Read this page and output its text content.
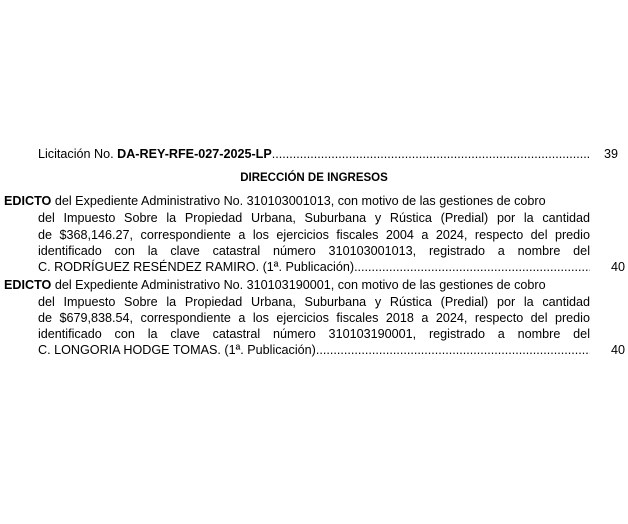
Licitación No. DA-REY-RFE-027-2025-LP .....	39
DIRECCIÓN DE INGRESOS
EDICTO del Expediente Administrativo No. 310103001013, con motivo de las gestiones de cobro
del Impuesto Sobre la Propiedad Urbana, Suburbana y Rústica (Predial) por la cantidad
de $368,146.27, correspondiente a los ejercicios fiscales 2004 a 2024, respecto del predio
identificado con la clave catastral número 310103001013, registrado a nombre del
C. RODRÍGUEZ RESÉNDEZ RAMIRO. (1ª. Publicación) .....	40
EDICTO del Expediente Administrativo No. 310103190001, con motivo de las gestiones de cobro
del Impuesto Sobre la Propiedad Urbana, Suburbana y Rústica (Predial) por la cantidad
de $679,838.54, correspondiente a los ejercicios fiscales 2018 a 2024, respecto del predio
identificado con la clave catastral número 310103190001, registrado a nombre del
C. LONGORIA HODGE TOMAS. (1ª. Publicación) .....	40
